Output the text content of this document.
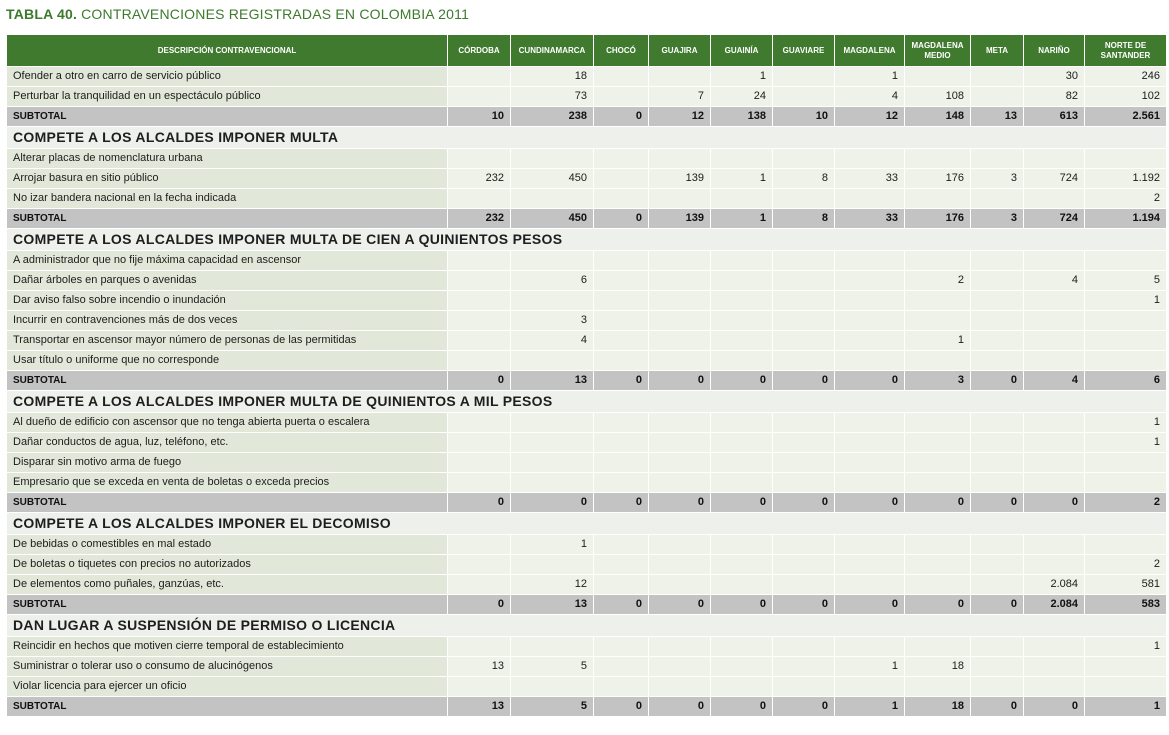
TABLA 40. CONTRAVENCIONES REGISTRADAS EN COLOMBIA 2011
DESCRIPCIÓN CONTRAVENCIONAL	CÓRDOBA	CUNDINAMARCA	CHOCÓ	GUAJIRA	GUAINÍA	GUAVIARE	MAGDALENA	MAGDALENA MEDIO	META	NARIÑO	NORTE DE SANTANDER
Ofender a otro en carro de servicio público		18			1		1			30	246
Perturbar la tranquilidad en un espectáculo público		73		7	24		4	108		82	102
SUBTOTAL	10	238	0	12	138	10	12	148	13	613	2.561
COMPETE A LOS ALCALDES IMPONER MULTA											
Alterar placas de nomenclatura urbana											
Arrojar basura en sitio público	232	450		139	1	8	33	176	3	724	1.192
No izar bandera nacional en la fecha indicada											2
SUBTOTAL	232	450	0	139	1	8	33	176	3	724	1.194
COMPETE A LOS ALCALDES IMPONER MULTA DE CIEN A QUINIENTOS PESOS											
A administrador que no fije máxima capacidad en ascensor											
Dañar árboles en parques o avenidas		6						2		4	5
Dar aviso falso sobre incendio o inundación											1
Incurrir en contravenciones más de dos veces		3									
Transportar en ascensor mayor número de personas de las permitidas		4						1			
Usar título o uniforme que no corresponde											
SUBTOTAL	0	13	0	0	0	0	0	3	0	4	6
COMPETE A LOS ALCALDES IMPONER MULTA DE QUINIENTOS A MIL PESOS											
Al dueño de edificio con ascensor que no tenga abierta puerta o escalera											1
Dañar conductos de agua, luz, teléfono, etc.											1
Disparar sin motivo arma de fuego											
Empresario que se exceda en venta de boletas o exceda precios											
SUBTOTAL	0	0	0	0	0	0	0	0	0	0	2
COMPETE A LOS ALCALDES IMPONER EL DECOMISO											
De bebidas o comestibles en mal estado		1									
De boletas o tiquetes con precios no autorizados											2
De elementos como puñales, ganzúas, etc.		12								2.084	581
SUBTOTAL	0	13	0	0	0	0	0	0	0	2.084	583
DAN LUGAR A SUSPENSIÓN DE PERMISO O LICENCIA											
Reincidir en hechos que motiven cierre temporal de establecimiento											1
Suministrar o tolerar uso o consumo de alucinógenos	13	5					1	18			
Violar licencia para ejercer un oficio											
SUBTOTAL	13	5	0	0	0	0	1	18	0	0	1
